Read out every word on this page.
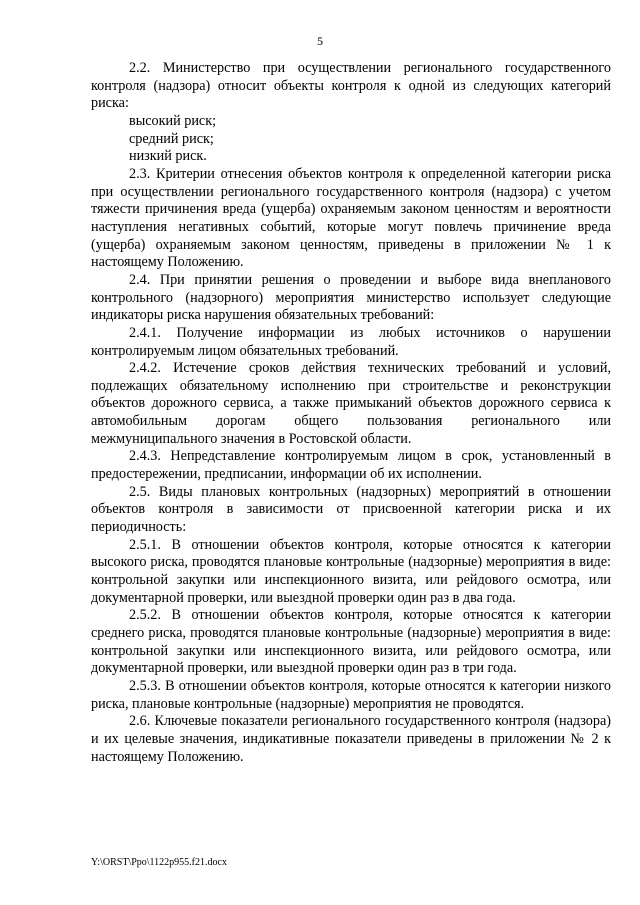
5

2.2. Министерство при осуществлении регионального государственного контроля (надзора) относит объекты контроля к одной из следующих категорий риска:

высокий риск;

средний риск;

низкий риск.

2.3. Критерии отнесения объектов контроля к определенной категории риска при осуществлении регионального государственного контроля (надзора) с учетом тяжести причинения вреда (ущерба) охраняемым законом ценностям и вероятности наступления негативных событий, которые могут повлечь причинение вреда (ущерба) охраняемым законом ценностям, приведены в приложении № 1 к настоящему Положению.

2.4. При принятии решения о проведении и выборе вида внепланового контрольного (надзорного) мероприятия министерство использует следующие индикаторы риска нарушения обязательных требований:

2.4.1. Получение информации из любых источников о нарушении контролируемым лицом обязательных требований.

2.4.2. Истечение сроков действия технических требований и условий, подлежащих обязательному исполнению при строительстве и реконструкции объектов дорожного сервиса, а также примыканий объектов дорожного сервиса к автомобильным дорогам общего пользования регионального или межмуниципального значения в Ростовской области.

2.4.3. Непредставление контролируемым лицом в срок, установленный в предостережении, предписании, информации об их исполнении.

2.5. Виды плановых контрольных (надзорных) мероприятий в отношении объектов контроля в зависимости от присвоенной категории риска и их периодичность:

2.5.1. В отношении объектов контроля, которые относятся к категории высокого риска, проводятся плановые контрольные (надзорные) мероприятия в виде: контрольной закупки или инспекционного визита, или рейдового осмотра, или документарной проверки, или выездной проверки один раз в два года.

2.5.2. В отношении объектов контроля, которые относятся к категории среднего риска, проводятся плановые контрольные (надзорные) мероприятия в виде: контрольной закупки или инспекционного визита, или рейдового осмотра, или документарной проверки, или выездной проверки один раз в три года.

2.5.3. В отношении объектов контроля, которые относятся к категории низкого риска, плановые контрольные (надзорные) мероприятия не проводятся.

2.6. Ключевые показатели регионального государственного контроля (надзора) и их целевые значения, индикативные показатели приведены в приложении № 2 к настоящему Положению.

Y:\ORST\Ppo\1122p955.f21.docx
